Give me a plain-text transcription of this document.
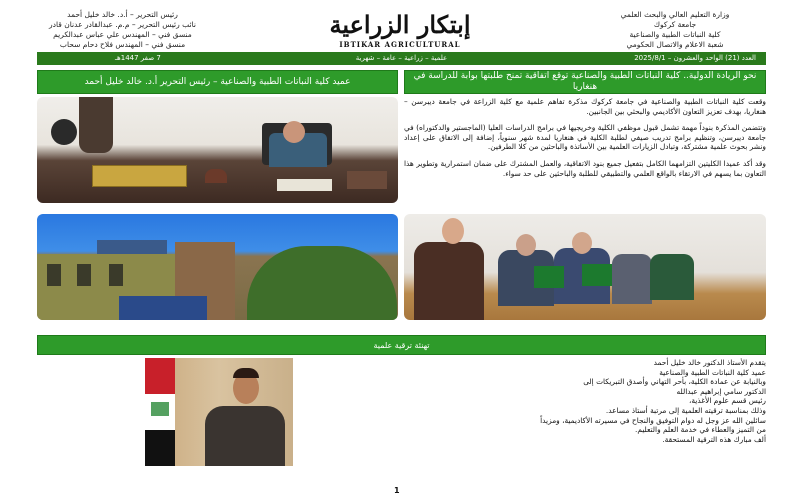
وزارة التعليم العالي والبحث العلمي
جامعة كركوك
كلية النباتات الطبية والصناعية
شعبة الاعلام والاتصال الحكومي
إبتكار الزراعية
IBTIKAR AGRICULTURAL
رئيس التحرير – أ.د. خالد خليل أحمد
نائب رئيس التحرير – م.م. عبدالقادر عدنان قادر
منسق فني – المهندس علي عباس عبدالكريم
منسق فني – المهندس فلاح دحام سحاب
العدد (21) الواحد والعشرون – 2025/8/1
علمية – زراعية – عامة – شهرية
7 صفر 1447هـ
نحو الريادة الدولية.. كلية النباتات الطبية والصناعية توقع اتفاقية تمنح طلبتها بوابة للدراسة في هنغاريا
عميد كلية النباتات الطبية والصناعية – رئيس التحرير أ.د. خالد خليل أحمد

وقعت كلية النباتات الطبية والصناعية في جامعة كركوك مذكرة تفاهم علمية مع كلية الزراعة في جامعة ديبرسن – هنغاريا، بهدف تعزيز التعاون الأكاديمي والبحثي بين الجانبين.

وتتضمن المذكرة بنوداً مهمة تشمل قبول موظفي الكلية وخريجيها في برامج الدراسات العليا (الماجستير والدكتوراه) في جامعة ديبرسن، وتنظيم برامج تدريب صيفي لطلبة الكلية في هنغاريا لمدة شهر سنوياً، إضافة إلى الاتفاق على إعداد ونشر بحوث علمية مشتركة، وتبادل الزيارات العلمية بين الأساتذة والباحثين من كلا الطرفين.

وقد أكد عميدا الكليتين التزامهما الكامل بتفعيل جميع بنود الاتفاقية، والعمل المشترك على ضمان استمرارية وتطوير هذا التعاون بما يسهم في الارتقاء بالواقع العلمي والتطبيقي للطلبة والباحثين على حد سواء.

تهنئة ترقية علمية

يتقدم الأستاذ الدكتور خالد خليل أحمد

عميد كلية النباتات الطبية والصناعية

وبالنيابة عن عمادة الكلية، بأحر التهاني وأصدق التبريكات إلى

الدكتور سامي إبراهيم عبدالله

رئيس قسم علوم الأغذية،

وذلك بمناسبة ترقيته العلمية إلى مرتبة أستاذ مساعد.

سائلين الله عز وجل له دوام التوفيق والنجاح في مسيرته الأكاديمية، ومزيداً

من التميز والعطاء في خدمة العلم والتعليم.

ألف مبارك هذه الترقية المستحقة.

1
